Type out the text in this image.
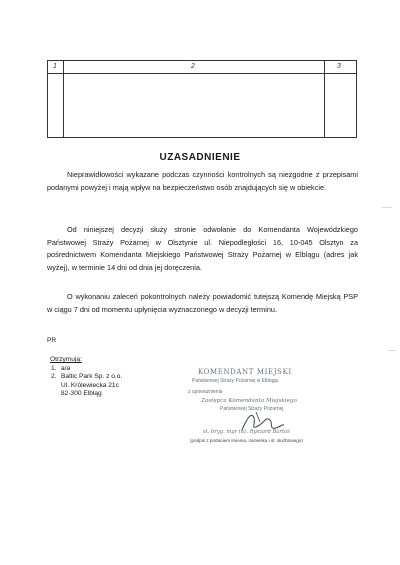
1	2	3
UZASADNIENIE

Nieprawidłowości wykazane podczas czynności kontrolnych są niezgodne z przepisami podanymi powyżej i mają wpływ na bezpieczeństwo osób znajdujących się w obiekcie.

Od niniejszej decyzji służy stronie odwołanie do Komendanta Wojewódzkiego Państwowej Straży Pożarnej w Olsztynie ul. Niepodległości 16, 10-045 Olsztyn za pośrednictwem Komendanta Miejskiego Państwowej Straży Pożarnej w Elblągu (adres jak wyżej), w terminie 14 dni od dnia jej doręczenia.

O wykonaniu zaleceń pokontrolnych należy powiadomić tutejszą Komendę Miejską PSP w ciągu 7 dni od momentu upłynięcia wyznaczonego w decyzji terminu.

PR
Otrzymują:
1. a/a
2. Baltic Park Sp. z o.o.
Ul. Królewiecka 21c
82-300 Elbląg
KOMENDANT MIEJSKI
Państwowej Straży Pożarnej w Elblągu
z upoważnienia
Zastępca Komendanta Miejskiego
Państwowej Straży Pożarnej
st. bryg. mgr inż. Ryszard Bartoś
(podpis z podaniem imienia, nazwiska i st. służbowego)
